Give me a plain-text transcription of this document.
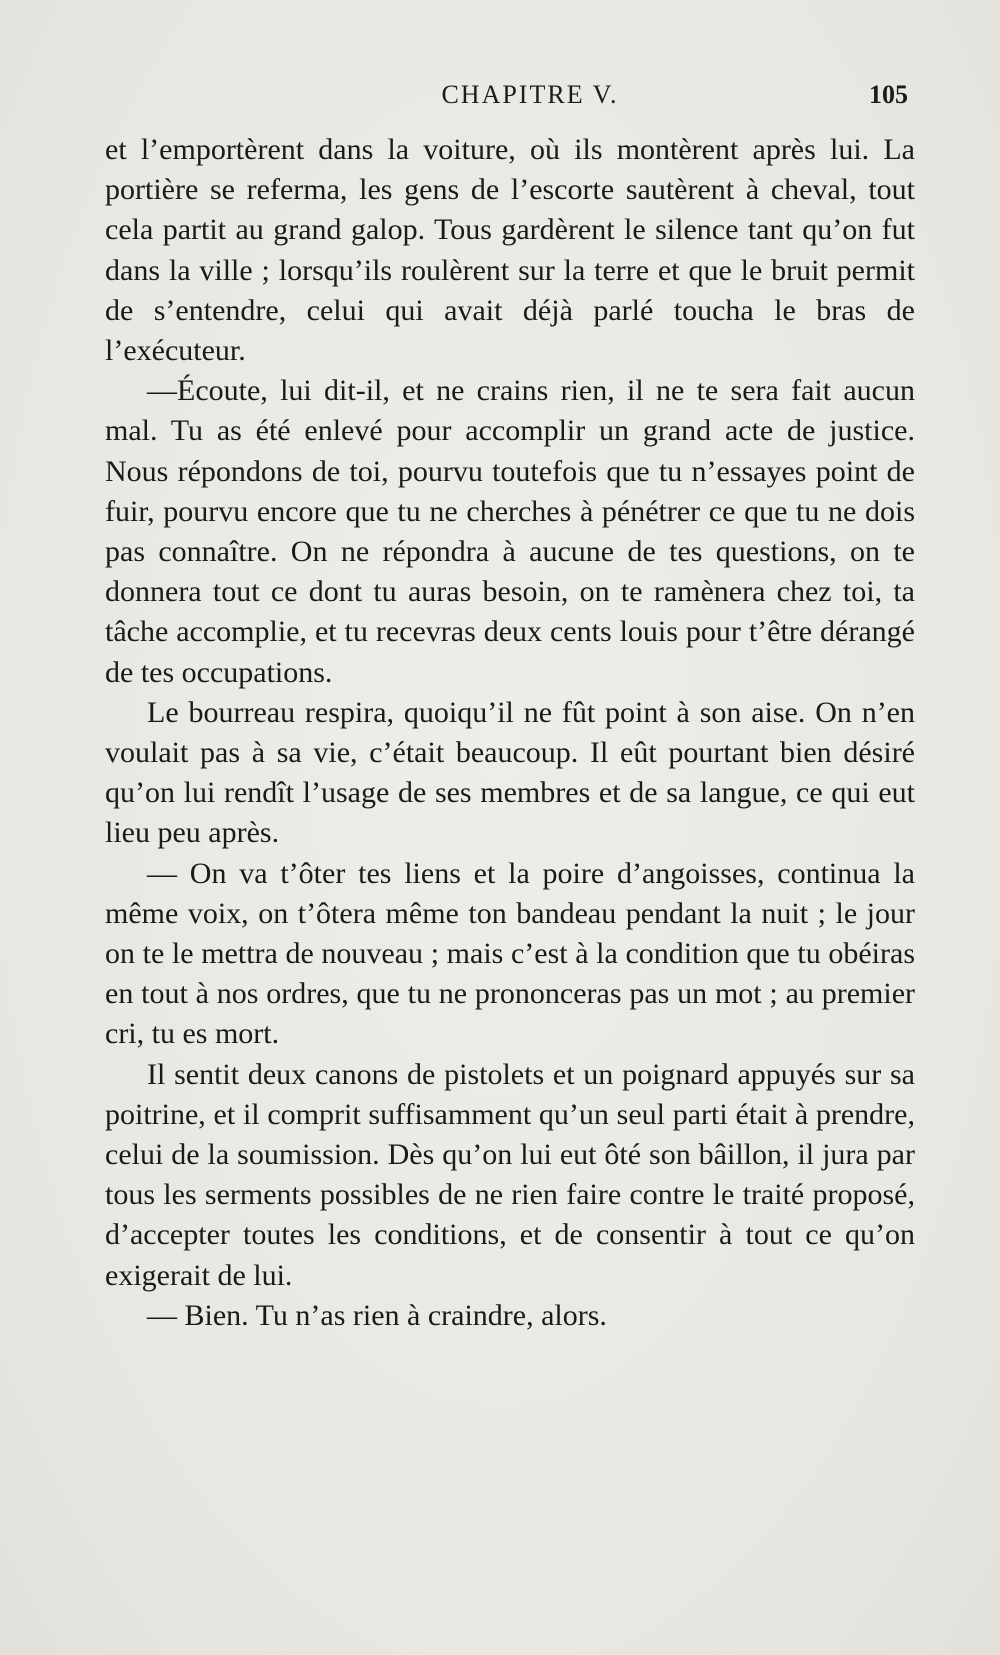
CHAPITRE V.	105

et l’emportèrent dans la voiture, où ils montèrent après lui. La portière se referma, les gens de l’escorte sautèrent à cheval, tout cela partit au grand galop. Tous gardèrent le silence tant qu’on fut dans la ville ; lorsqu’ils roulèrent sur la terre et que le bruit permit de s’entendre, celui qui avait déjà parlé toucha le bras de l’exécuteur.

—Écoute, lui dit-il, et ne crains rien, il ne te sera fait aucun mal. Tu as été enlevé pour accomplir un grand acte de justice. Nous répondons de toi, pourvu toutefois que tu n’essayes point de fuir, pourvu encore que tu ne cherches à pénétrer ce que tu ne dois pas connaître. On ne répondra à aucune de tes questions, on te donnera tout ce dont tu auras besoin, on te ramènera chez toi, ta tâche accomplie, et tu recevras deux cents louis pour t’être dérangé de tes occupations.

Le bourreau respira, quoiqu’il ne fût point à son aise. On n’en voulait pas à sa vie, c’était beaucoup. Il eût pourtant bien désiré qu’on lui rendît l’usage de ses membres et de sa langue, ce qui eut lieu peu après.

— On va t’ôter tes liens et la poire d’angoisses, continua la même voix, on t’ôtera même ton bandeau pendant la nuit ; le jour on te le mettra de nouveau ; mais c’est à la condition que tu obéiras en tout à nos ordres, que tu ne prononceras pas un mot ; au premier cri, tu es mort.

Il sentit deux canons de pistolets et un poignard appuyés sur sa poitrine, et il comprit suffisamment qu’un seul parti était à prendre, celui de la soumission. Dès qu’on lui eut ôté son bâillon, il jura par tous les serments possibles de ne rien faire contre le traité proposé, d’accepter toutes les conditions, et de consentir à tout ce qu’on exigerait de lui.

— Bien. Tu n’as rien à craindre, alors.
